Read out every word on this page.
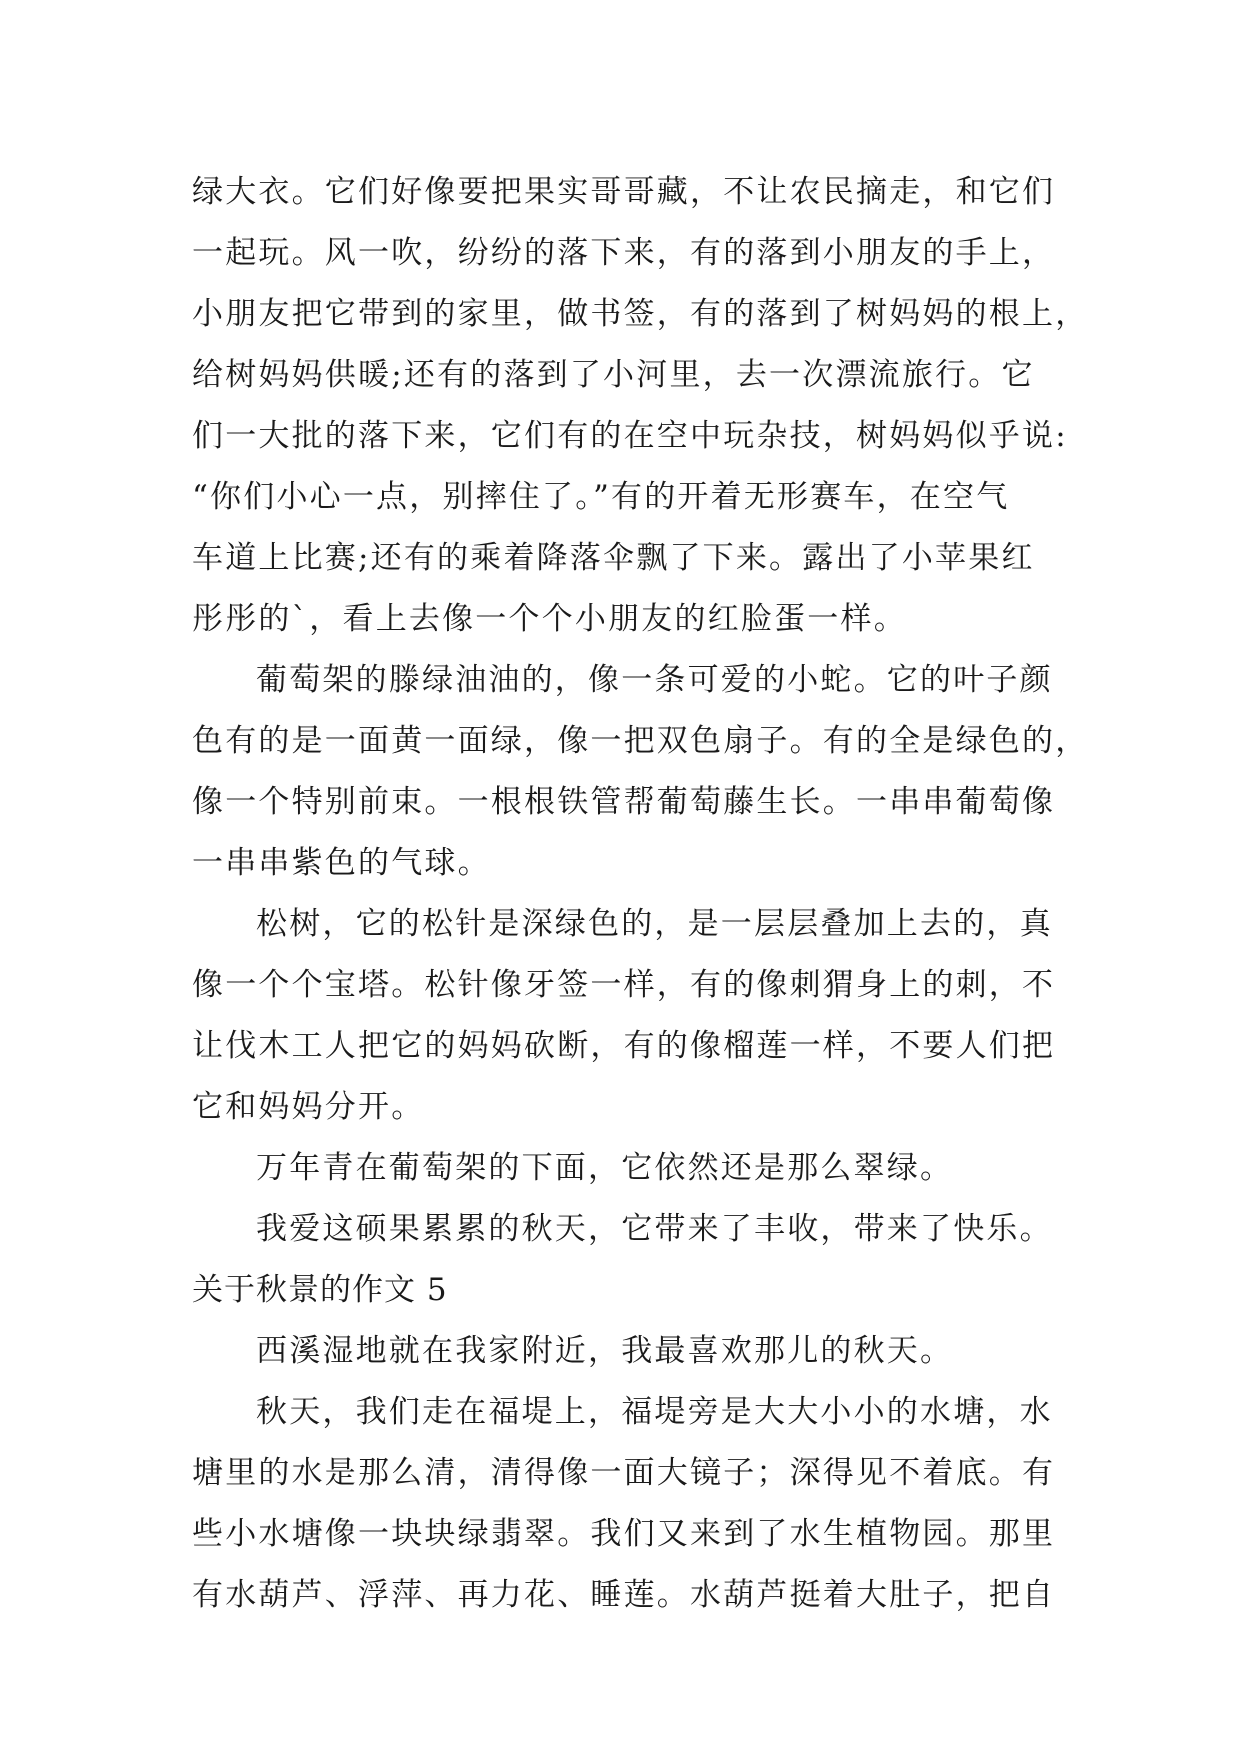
绿大衣。它们好像要把果实哥哥藏，不让农民摘走，和它们
一起玩。风一吹，纷纷的落下来，有的落到小朋友的手上，
小朋友把它带到的家里，做书签，有的落到了树妈妈的根上，
给树妈妈供暖;还有的落到了小河里，去一次漂流旅行。它
们一大批的落下来，它们有的在空中玩杂技，树妈妈似乎说:
“你们小心一点，别摔住了。”有的开着无形赛车，在空气
车道上比赛;还有的乘着降落伞飘了下来。露出了小苹果红
彤彤的`，看上去像一个个小朋友的红脸蛋一样。
葡萄架的滕绿油油的，像一条可爱的小蛇。它的叶子颜
色有的是一面黄一面绿，像一把双色扇子。有的全是绿色的，
像一个特别前束。一根根铁管帮葡萄藤生长。一串串葡萄像
一串串紫色的气球。
松树，它的松针是深绿色的，是一层层叠加上去的，真
像一个个宝塔。松针像牙签一样，有的像刺猬身上的刺，不
让伐木工人把它的妈妈砍断，有的像榴莲一样，不要人们把
它和妈妈分开。
万年青在葡萄架的下面，它依然还是那么翠绿。
我爱这硕果累累的秋天，它带来了丰收，带来了快乐。
关于秋景的作文 5
西溪湿地就在我家附近，我最喜欢那儿的秋天。
秋天，我们走在福堤上，福堤旁是大大小小的水塘，水
塘里的水是那么清，清得像一面大镜子；深得见不着底。有
些小水塘像一块块绿翡翠。我们又来到了水生植物园。那里
有水葫芦、浮萍、再力花、睡莲。水葫芦挺着大肚子，把自
